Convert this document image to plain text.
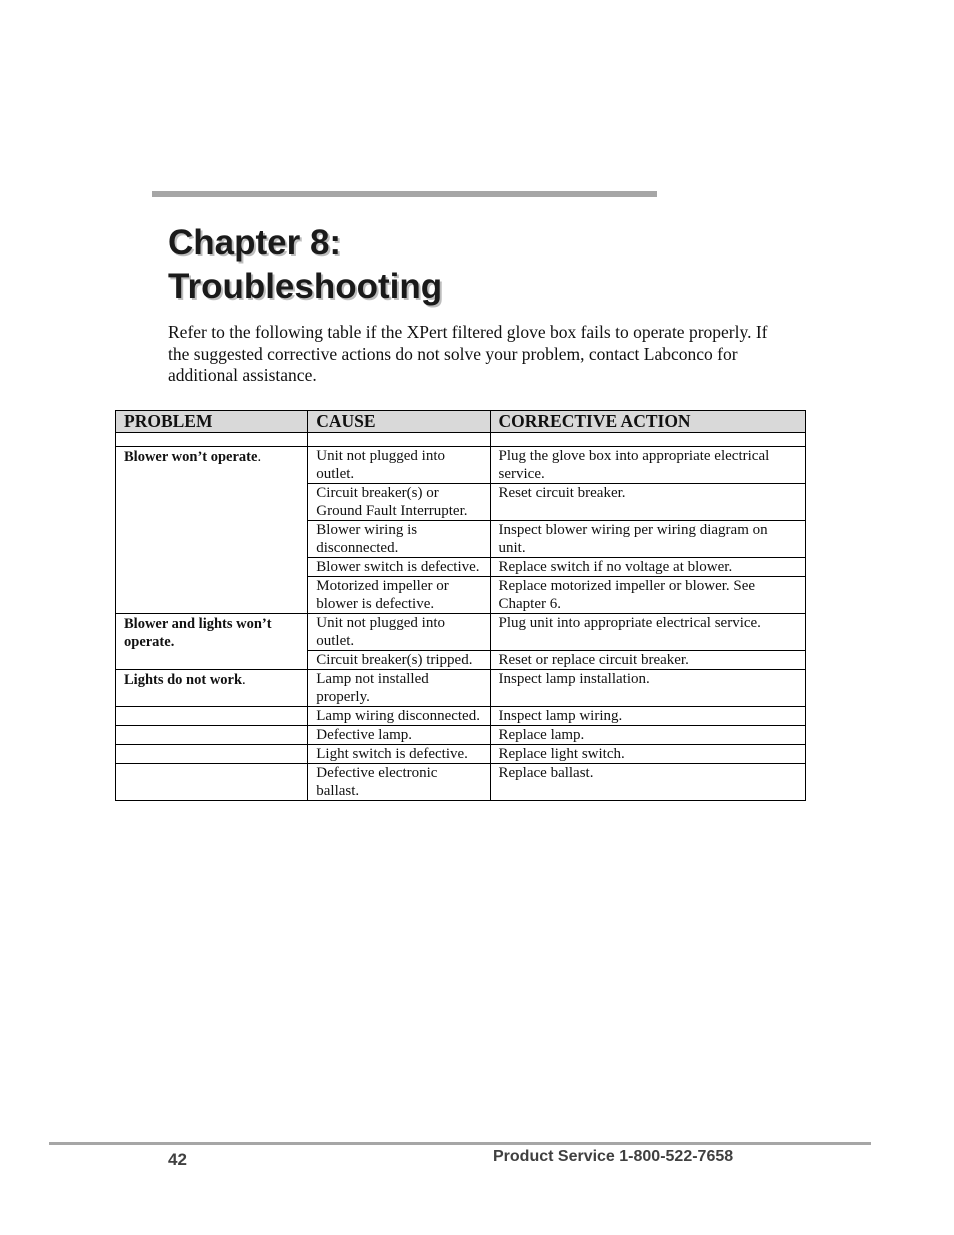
Chapter 8:
Troubleshooting

Refer to the following table if the XPert filtered glove box fails to operate properly. If the suggested corrective actions do not solve your problem, contact Labconco for additional assistance.

PROBLEM	CAUSE	CORRECTIVE ACTION

Blower won’t operate.	Unit not plugged into outlet.	Plug the glove box into appropriate electrical service.
	Circuit breaker(s) or Ground Fault Interrupter.	Reset circuit breaker.
	Blower wiring is disconnected.	Inspect blower wiring per wiring diagram on unit.
	Blower switch is defective.	Replace switch if no voltage at blower.
	Motorized impeller or blower is defective.	Replace motorized impeller or blower. See Chapter 6.
Blower and lights won’t operate.	Unit not plugged into outlet.	Plug unit into appropriate electrical service.
	Circuit breaker(s) tripped.	Reset or replace circuit breaker.
Lights do not work.	Lamp not installed properly.	Inspect lamp installation.
	Lamp wiring disconnected.	Inspect lamp wiring.
	Defective lamp.	Replace lamp.
	Light switch is defective.	Replace light switch.
	Defective electronic ballast.	Replace ballast.
42	Product Service 1-800-522-7658
